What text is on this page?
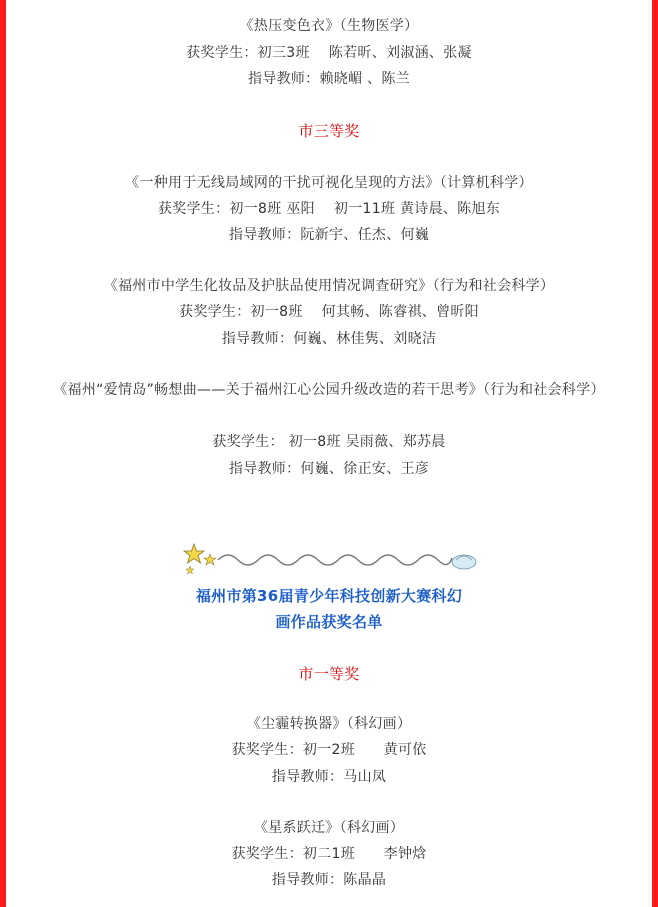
《热压变色衣》（生物医学）
获奖学生：初三3班　 陈若昕、刘淑涵、张凝
指导教师：赖晓嵋 、陈兰
市三等奖
《一种用于无线局域网的干扰可视化呈现的方法》（计算机科学）
获奖学生：初一8班 巫阳　 初一11班 黄诗晨、陈旭东
指导教师：阮新宇、任杰、何巍
《福州市中学生化妆品及护肤品使用情况调查研究》（行为和社会科学）
获奖学生：初一8班　 何其畅、陈睿祺、曾昕阳
指导教师：何巍、林佳隽、刘晓洁
《福州“爱情岛”畅想曲——关于福州江心公园升级改造的若干思考》（行为和社会科学）
获奖学生： 初一8班 吴雨薇、郑苏晨
指导教师：何巍、徐正安、王彦
福州市第36届青少年科技创新大赛科幻
画作品获奖名单
市一等奖
《尘霾转换器》（科幻画）
获奖学生：初一2班　　黄可依
指导教师：马山凤
《星系跃迁》（科幻画）
获奖学生：初二1班　　李钟焓
指导教师：陈晶晶
